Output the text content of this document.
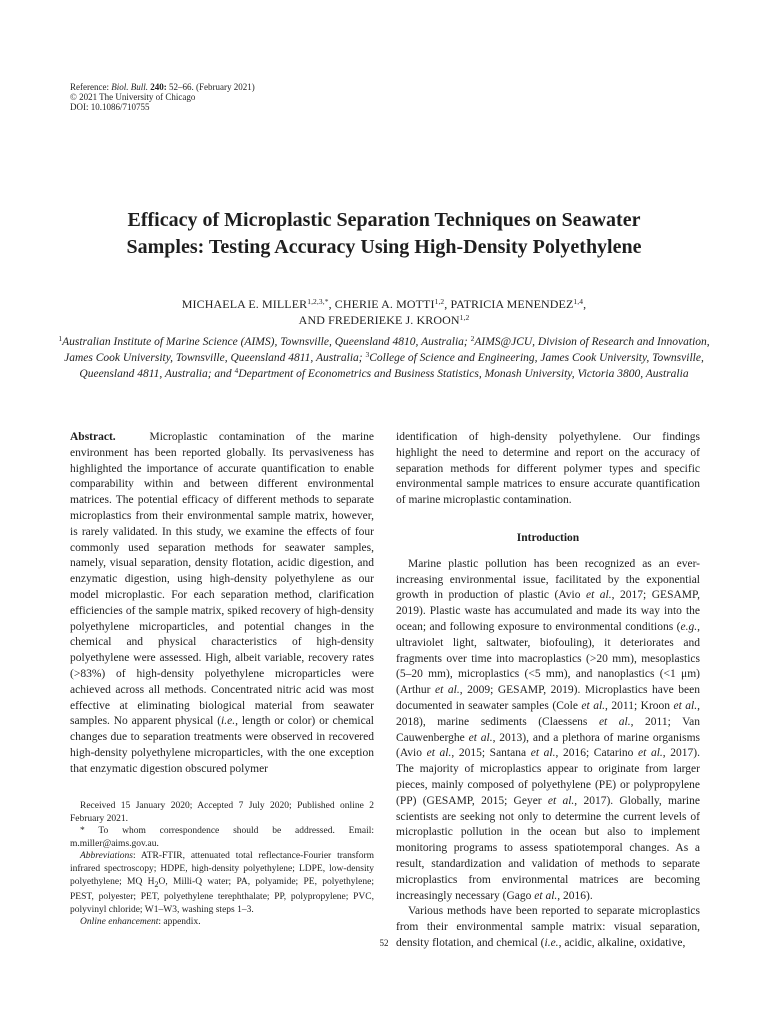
Reference: Biol. Bull. 240: 52–66. (February 2021)
© 2021 The University of Chicago
DOI: 10.1086/710755
Efficacy of Microplastic Separation Techniques on Seawater
Samples: Testing Accuracy Using High-Density Polyethylene
MICHAELA E. $MILLER^{1,2,3,*}$, CHERIE A. MOTTI$^{1,2}$, PATRICIA MENENDEZ$^{1,4}$,
AND FREDERIEKE J. KROON$^{1,2}$
$^1$Australian Institute of Marine Science (AIMS), Townsville, Queensland 4810, Australia; $^2$AIMS@JCU, Division of Research and Innovation, James Cook University, Townsville, Queensland 4811, Australia; $^3$College of Science and Engineering, James Cook University, Townsville, Queensland 4811, Australia; and $^4$Department of Econometrics and Business Statistics, Monash University, Victoria 3800, Australia

Abstract.	Microplastic contamination of the marine environment has been reported globally. Its pervasiveness has highlighted the importance of accurate quantification to enable comparability within and between different environmental matrices. The potential efficacy of different methods to separate microplastics from their environmental sample matrix, however, is rarely validated. In this study, we examine the effects of four commonly used separation methods for seawater samples, namely, visual separation, density flotation, acidic digestion, and enzymatic digestion, using high-density polyethylene as our model microplastic. For each separation method, clarification efficiencies of the sample matrix, spiked recovery of high-density polyethylene microparticles, and potential changes in the chemical and physical characteristics of high-density polyethylene were assessed. High, albeit variable, recovery rates (>83%) of high-density polyethylene microparticles were achieved across all methods. Concentrated nitric acid was most effective at eliminating biological material from seawater samples. No apparent physical (i.e., length or color) or chemical changes due to separation treatments were observed in recovered high-density polyethylene microparticles, with the one exception that enzymatic digestion obscured polymer

Received 15 January 2020; Accepted 7 July 2020; Published online 2 February 2021.

* To whom correspondence should be addressed. Email: m.miller@aims.gov.au.

Abbreviations: ATR-FTIR, attenuated total reflectance-Fourier transform infrared spectroscopy; HDPE, high-density polyethylene; LDPE, low-density polyethylene; MQ $H_2O$, Milli-Q water; PA, polyamide; PE, polyethylene; PEST, polyester; PET, polyethylene terephthalate; PP, polypropylene; PVC, polyvinyl chloride; W1–W3, washing steps 1–3.

Online enhancement: appendix.

identification of high-density polyethylene. Our findings highlight the need to determine and report on the accuracy of separation methods for different polymer types and specific environmental sample matrices to ensure accurate quantification of marine microplastic contamination.

Introduction

Marine plastic pollution has been recognized as an ever-increasing environmental issue, facilitated by the exponential growth in production of plastic (Avio et al., 2017; GESAMP, 2019). Plastic waste has accumulated and made its way into the ocean; and following exposure to environmental conditions (e.g., ultraviolet light, saltwater, biofouling), it deteriorates and fragments over time into macroplastics (>20 mm), mesoplastics (5–20 mm), microplastics (<5 mm), and nanoplastics (<1 μm) (Arthur et al., 2009; GESAMP, 2019). Microplastics have been documented in seawater samples (Cole et al., 2011; Kroon et al., 2018), marine sediments (Claessens et al., 2011; Van Cauwenberghe et al., 2013), and a plethora of marine organisms (Avio et al., 2015; Santana et al., 2016; Catarino et al., 2017). The majority of microplastics appear to originate from larger pieces, mainly composed of polyethylene (PE) or polypropylene (PP) (GESAMP, 2015; Geyer et al., 2017). Globally, marine scientists are seeking not only to determine the current levels of microplastic pollution in the ocean but also to implement monitoring programs to assess spatiotemporal changes. As a result, standardization and validation of methods to separate microplastics from environmental matrices are becoming increasingly necessary (Gago et al., 2016).

Various methods have been reported to separate microplastics from their environmental sample matrix: visual separation, density flotation, and chemical (i.e., acidic, alkaline, oxidative,

52
